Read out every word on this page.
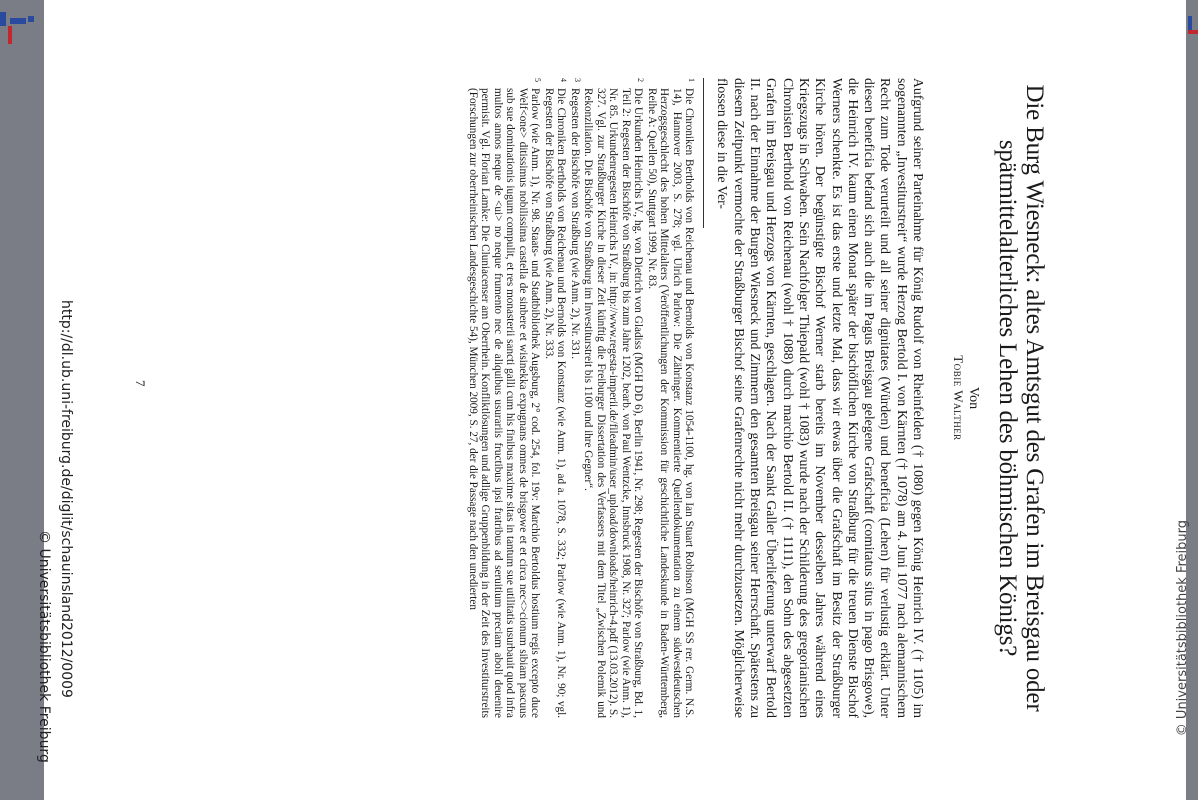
© Universitätsbibliothek Freiburg
Die Burg Wiesneck: altes Amtsgut des Grafen im Breisgau oder spätmittelalterliches Lehen des böhmischen Königs?
Von
Tobie Walther

Aufgrund seiner Parteinahme für König Rudolf von Rheinfelden († 1080) gegen König Heinrich IV. († 1105) im sogenannten „Investiturstreit“ wurde Herzog Bertold I. von Kärnten († 1078) am 4. Juni 1077 nach alemannischem Recht zum Tode verurteilt und all seiner dignitates (Würden) und beneficia (Lehen) für verlustig erklärt. Unter diesen beneficia befand sich auch die im Pagus Breisgau gelegene Grafschaft (comitatus situs in pago Brisgowe), die Heinrich IV. kaum einen Monat später der bischöflichen Kirche von Straßburg für die treuen Dienste Bischof Werners schenkte. Es ist das erste und letzte Mal, dass wir etwas über die Grafschaft im Besitz der Straßburger Kirche hören. Der begünstigte Bischof Werner starb bereits im November desselben Jahres während eines Kriegszugs in Schwaben. Sein Nachfolger Thiepald (wohl † 1083) wurde nach der Schilderung des gregorianischen Chronisten Berthold von Reichenau (wohl † 1088) durch marchio Bertold II. († 1111), den Sohn des abgesetzten Grafen im Breisgau und Herzogs von Kärnten, geschlagen. Nach der Sankt Galler Überlieferung unterwarf Bertold II. nach der Einnahme der Burgen Wiesneck und Zimmern den gesamten Breisgau seiner Herrschaft. Spätestens zu diesem Zeitpunkt vermochte der Straßburger Bischof seine Grafenrechte nicht mehr durchzusetzen. Möglicherweise flossen diese in die Ver-

1
Die Chroniken Bertholds von Reichenau und Bernolds von Konstanz 1054-1100, hg. von Ian Stuart Robinson (MGH SS rer. Germ. N.S. 14), Hannover 2003, S. 278; vgl. Ulrich Parlow: Die Zähringer. Kommentierte Quellendokumentation zu einem südwestdeutschen Herzogsgeschlecht des hohen Mittelalters (Veröffentlichungen der Kommission für geschichtliche Landeskunde in Baden-Württemberg, Reihe A: Quellen 50), Stuttgart 1999, Nr. 83.
2
Die Urkunden Heinrichs IV., hg. von Dietrich von Gladiss (MGH DD 6), Berlin 1941, Nr. 298; Regesten der Bischöfe von Straßburg, Bd. 1, Teil 2: Regesten der Bischöfe von Straßburg bis zum Jahre 1202, bearb. von Paul Wentzcke, Innsbruck 1908, Nr. 327; Parlow (wie Anm. 1), Nr. 85. Urkundenregesten Heinrichs IV., in: http://www.regesta-imperii.de/fileadmin/user_upload/downloads/heinrich-4.pdf (13.03.2012). S. 327. Vgl. zur Straßburger Kirche in dieser Zeit künftig die Freiburger Dissertation des Verfassers mit dem Titel „Zwischen Polemik und Rekonziliation. Die Bischöfe von Straßburg im Investiturstreit bis 1100 und ihre Gegner“.
3
Regesten der Bischöfe von Straßburg (wie Anm. 2), Nr. 331.
4
Die Chroniken Bertholds von Reichenau und Bernolds von Konstanz (wie Anm. 1), ad a. 1078, S. 332; Parlow (wie Anm. 1), Nr. 90; vgl. Regesten der Bischöfe von Straßburg (wie Anm. 2), Nr. 333.
5
Parlow (wie Anm. 1), Nr. 98. Staats- und Stadtbibliothek Augsburg, 2° cod. 254, fol. 19v: Marchio Bertoldus hostium regis excepto duce Welf<one> ditissimus nobilissima castella de sinbere et wisinekka expugnans omnes de brisgowe et et circa nec<>cionum sibiam pascuus sub sue dominationis iugum compulit, et res monasterii sancti galli cum his finibus maxime sitas in tantum sue utilitatis usurbauit quod infra multos annos neque de <ui> no neque frumento nec de aliquibus usurariis fructibus ipsi fratribus ad seruitium preciam aboli deuenire permisit. Vgl. Florian Lamke: Die Cluniacenser am Oberrhein. Konfliktlösungen und adlige Gruppenbildung in der Zeit des Investiturstreits (Forschungen zur oberrheinischen Landesgeschichte 54), München 2009, S. 27, der die Passage nach den unedierten
7
http://dl.ub.uni-freiburg.de/diglit/schauinsland2012/0009
© Universitätsbibliothek Freiburg
